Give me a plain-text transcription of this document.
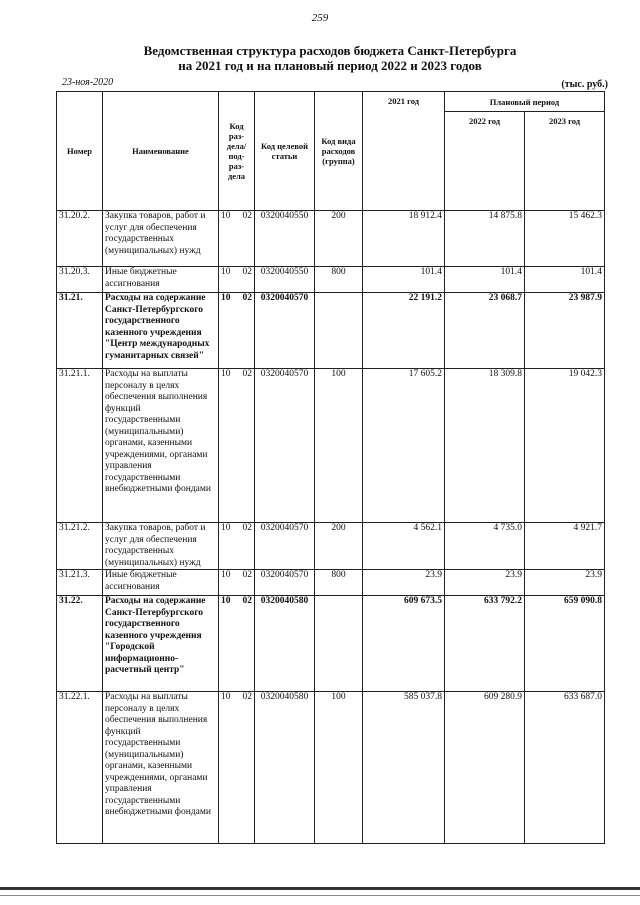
259
Ведомственная структура расходов бюджета Санкт-Петербурга
на 2021 год и на плановый период 2022 и 2023 годов
23-ноя-2020	(тыс. руб.)
Номер	Наименование	Код раз-дела/ под-раз-дела	Код целевой статьи	Код вида расходов (группа)	2021 год	Плановый период	
						2022 год	2023 год
31.20.2.	Закупка товаров, работ и услуг для обеспечения государственных (муниципальных) нужд	10 02	0320040550	200	18 912.4	14 875.8	15 462.3
31.20.3.	Иные бюджетные ассигнования	10 02	0320040550	800	101.4	101.4	101.4
31.21.	Расходы на содержание Санкт-Петербургского государственного казенного учреждения "Центр международных гуманитарных связей"	10 02	0320040570		22 191.2	23 068.7	23 987.9
31.21.1.	Расходы на выплаты персоналу в целях обеспечения выполнения функций государственными (муниципальными) органами, казенными учреждениями, органами управления государственными внебюджетными фондами	10 02	0320040570	100	17 605.2	18 309.8	19 042.3
31.21.2.	Закупка товаров, работ и услуг для обеспечения государственных (муниципальных) нужд	10 02	0320040570	200	4 562.1	4 735.0	4 921.7
31.21.3.	Иные бюджетные ассигнования	10 02	0320040570	800	23.9	23.9	23.9
31.22.	Расходы на содержание Санкт-Петербургского государственного казенного учреждения "Городской информационно-расчетный центр"	10 02	0320040580		609 673.5	633 792.2	659 090.8
31.22.1.	Расходы на выплаты персоналу в целях обеспечения выполнения функций государственными (муниципальными) органами, казенными учреждениями, органами управления государственными внебюджетными фондами	10 02	0320040580	100	585 037.8	609 280.9	633 687.0
